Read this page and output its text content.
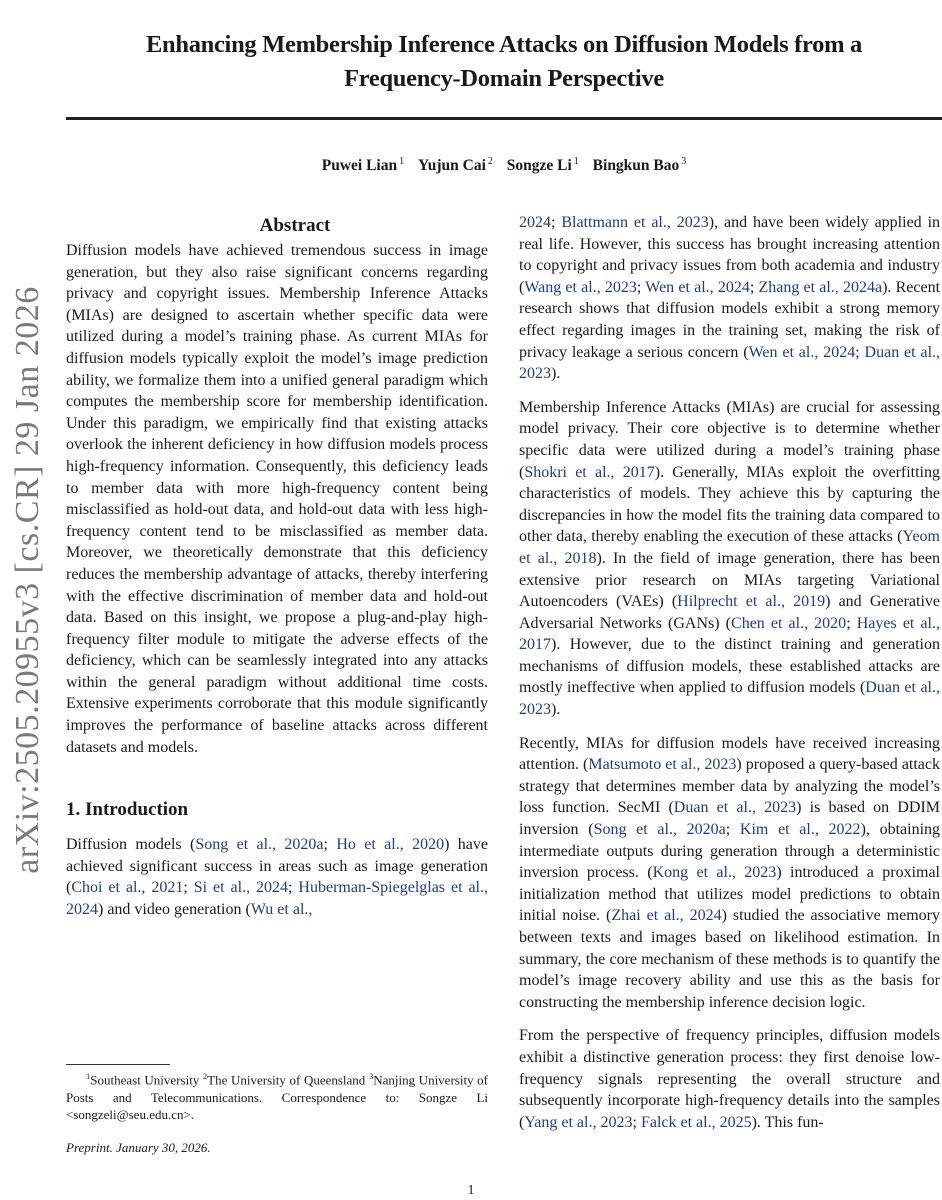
arXiv:2505.20955v3 [cs.CR] 29 Jan 2026
Enhancing Membership Inference Attacks on Diffusion Models from a
Frequency-Domain Perspective
Puwei Lian $^1$ Yujun Cai $^2$ Songze Li $^1$ Bingkun Bao $^3$
Abstract

Diffusion models have achieved tremendous success in image generation, but they also raise significant concerns regarding privacy and copyright issues. Membership Inference Attacks (MIAs) are designed to ascertain whether specific data were utilized during a model’s training phase. As current MIAs for diffusion models typically exploit the model’s image prediction ability, we formalize them into a unified general paradigm which computes the membership score for membership identification. Under this paradigm, we empirically find that existing attacks overlook the inherent deficiency in how diffusion models process high-frequency information. Consequently, this deficiency leads to member data with more high-frequency content being misclassified as hold-out data, and hold-out data with less high-frequency content tend to be misclassified as member data. Moreover, we theoretically demonstrate that this deficiency reduces the membership advantage of attacks, thereby interfering with the effective discrimination of member data and hold-out data. Based on this insight, we propose a plug-and-play high-frequency filter module to mitigate the adverse effects of the deficiency, which can be seamlessly integrated into any attacks within the general paradigm without additional time costs. Extensive experiments corroborate that this module significantly improves the performance of baseline attacks across different datasets and models.

1. Introduction

Diffusion models (Song et al., 2020a; Ho et al., 2020) have achieved significant success in areas such as image generation (Choi et al., 2021; Si et al., 2024; Huberman-Spiegelglas et al., 2024) and video generation (Wu et al.,

$^1$Southeast University $^2$The University of Queensland $^3$Nanjing University of Posts and Telecommunications. Correspondence to: Songze Li <songzeli@seu.edu.cn>.
Preprint. January 30, 2026.

2024; Blattmann et al., 2023), and have been widely applied in real life. However, this success has brought increasing attention to copyright and privacy issues from both academia and industry (Wang et al., 2023; Wen et al., 2024; Zhang et al., 2024a). Recent research shows that diffusion models exhibit a strong memory effect regarding images in the training set, making the risk of privacy leakage a serious concern (Wen et al., 2024; Duan et al., 2023).

Membership Inference Attacks (MIAs) are crucial for assessing model privacy. Their core objective is to determine whether specific data were utilized during a model’s training phase (Shokri et al., 2017). Generally, MIAs exploit the overfitting characteristics of models. They achieve this by capturing the discrepancies in how the model fits the training data compared to other data, thereby enabling the execution of these attacks (Yeom et al., 2018). In the field of image generation, there has been extensive prior research on MIAs targeting Variational Autoencoders (VAEs) (Hilprecht et al., 2019) and Generative Adversarial Networks (GANs) (Chen et al., 2020; Hayes et al., 2017). However, due to the distinct training and generation mechanisms of diffusion models, these established attacks are mostly ineffective when applied to diffusion models (Duan et al., 2023).

Recently, MIAs for diffusion models have received increasing attention. (Matsumoto et al., 2023) proposed a query-based attack strategy that determines member data by analyzing the model’s loss function. SecMI (Duan et al., 2023) is based on DDIM inversion (Song et al., 2020a; Kim et al., 2022), obtaining intermediate outputs during generation through a deterministic inversion process. (Kong et al., 2023) introduced a proximal initialization method that utilizes model predictions to obtain initial noise. (Zhai et al., 2024) studied the associative memory between texts and images based on likelihood estimation. In summary, the core mechanism of these methods is to quantify the model’s image recovery ability and use this as the basis for constructing the membership inference decision logic.

From the perspective of frequency principles, diffusion models exhibit a distinctive generation process: they first denoise low-frequency signals representing the overall structure and subsequently incorporate high-frequency details into the samples (Yang et al., 2023; Falck et al., 2025). This fun-

1
